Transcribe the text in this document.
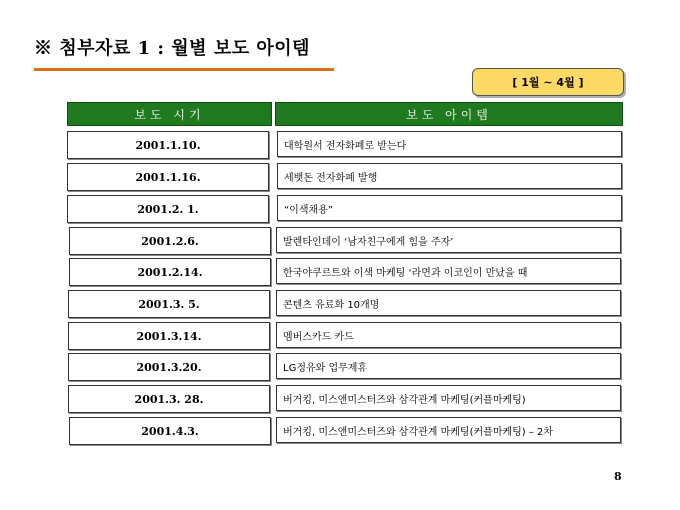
※ 첨부자료 1 : 월별 보도 아이템
[ 1월 ~ 4월 ]
보도 시기	보도 아이템
2001.1.10.	대학원서 전자화폐로 받는다
2001.1.16.	세뱃돈 전자화폐 발행
2001.2. 1.	“이색채용”
2001.2.6.	발렌타인데이 ‘남자친구에게 힘을 주자’
2001.2.14.	한국야쿠르트와 이색 마케팅 ‘라면과 이코인이 만났을 때
2001.3. 5.	콘텐츠 유료화 10개명
2001.3.14.	멤버스카드 카드
2001.3.20.	LG정유와 업무제휴
2001.3. 28.	버거킹, 미스앤미스터즈와 삼각관계 마케팅(커플마케팅)
2001.4.3.	버거킹, 미스앤미스터즈와 삼각관계 마케팅(커플마케팅) – 2차
8
